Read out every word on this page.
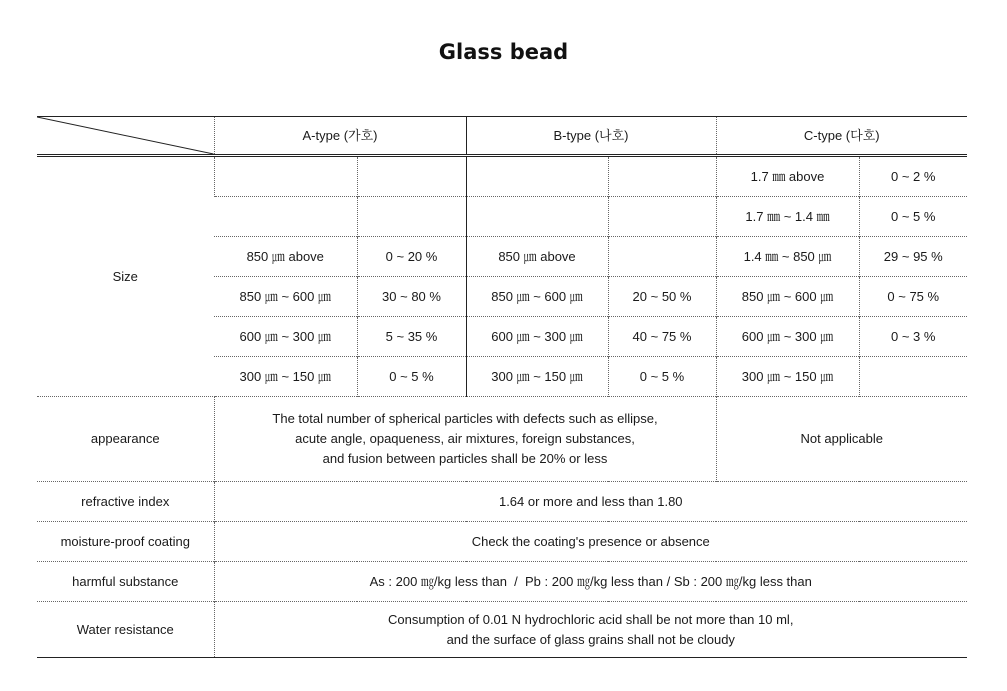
Glass bead
	A-type (가호)		B-type (나호)		C-type (다호)	
Size					1.7 ㎜ above	0 ~ 2 %
					1.7 ㎜ ~ 1.4 ㎜	0 ~ 5 %
	850 ㎛ above	0 ~ 20 %	850 ㎛ above		1.4 ㎜ ~ 850 ㎛	29 ~ 95 %
	850 ㎛ ~ 600 ㎛	30 ~ 80 %	850 ㎛ ~ 600 ㎛	20 ~ 50 %	850 ㎛ ~ 600 ㎛	0 ~ 75 %
	600 ㎛ ~ 300 ㎛	5 ~ 35 %	600 ㎛ ~ 300 ㎛	40 ~ 75 %	600 ㎛ ~ 300 ㎛	0 ~ 3 %
	300 ㎛ ~ 150 ㎛	0 ~ 5 %	300 ㎛ ~ 150 ㎛	0 ~ 5 %	300 ㎛ ~ 150 ㎛	
appearance	The total number of spherical particles with defects such as ellipse,
acute angle, opaqueness, air mixtures, foreign substances,
and fusion between particles shall be 20% or less				Not applicable	
refractive index	1.64 or more and less than 1.80					
moisture-proof coating	Check the coating's presence or absence					
harmful substance	As : 200 ㎎/kg less than  /  Pb : 200 ㎎/kg less than / Sb : 200 ㎎/kg less than					
Water resistance	Consumption of 0.01 N hydrochloric acid shall be not more than 10 ml,
and the surface of glass grains shall not be cloudy					
